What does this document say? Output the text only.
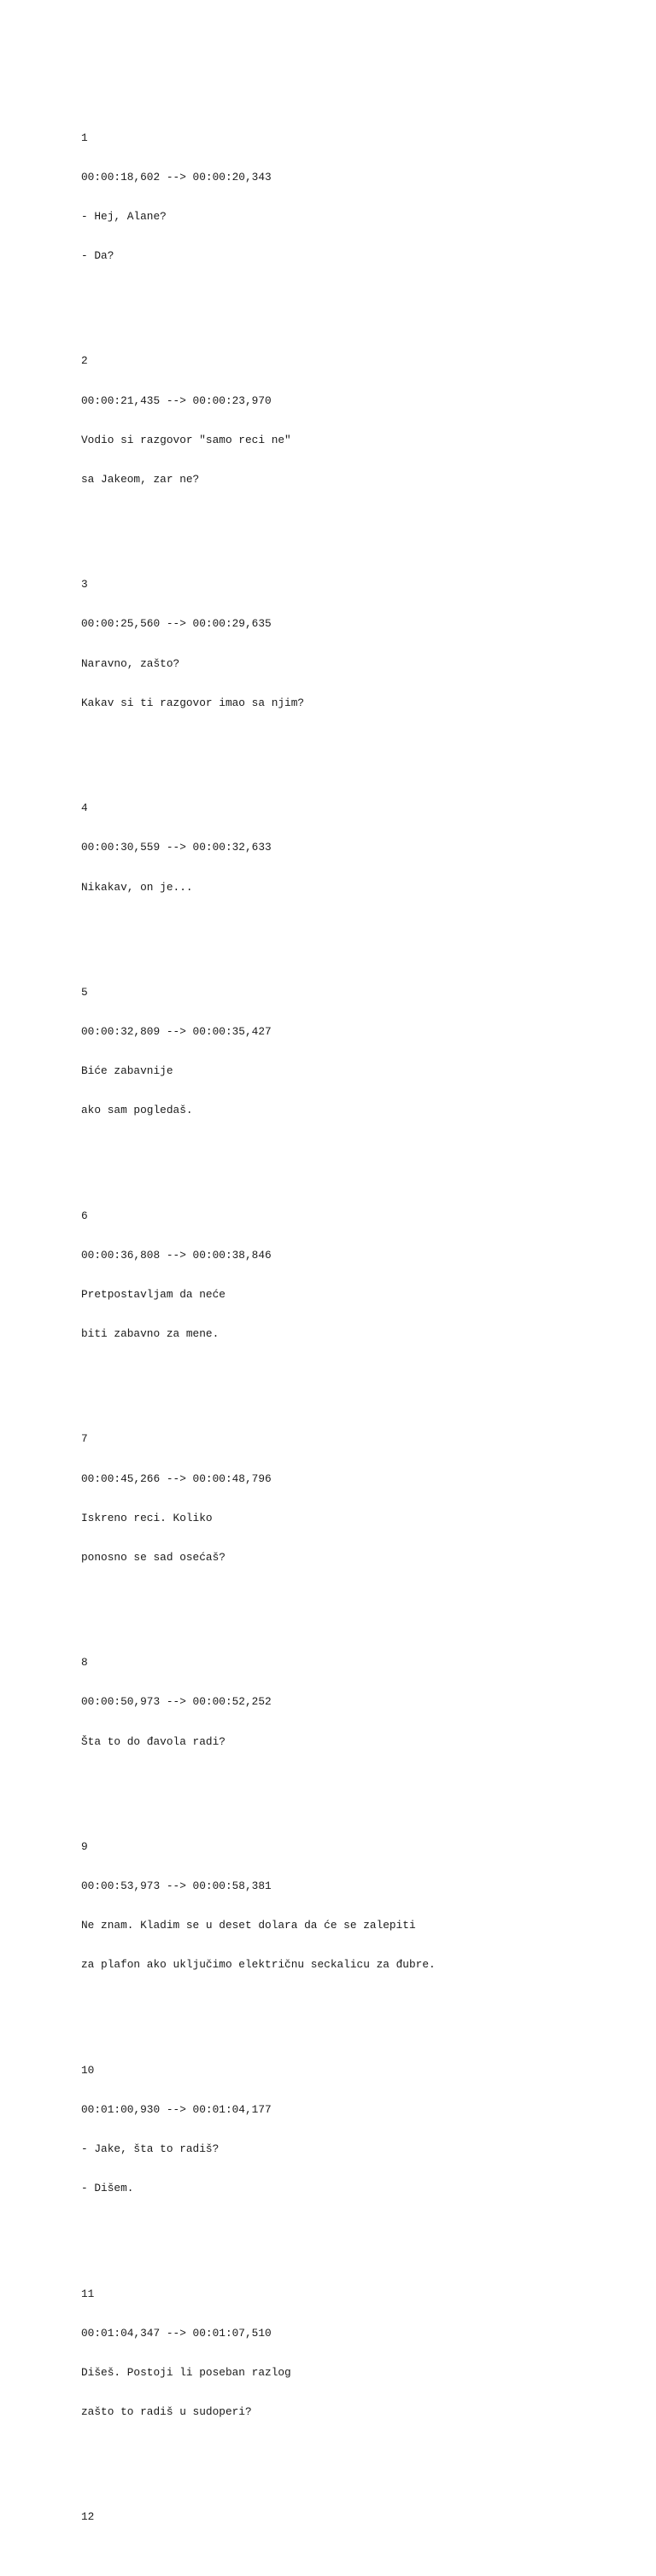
1

00:00:18,602 --> 00:00:20,343

- Hej, Alane?

- Da?

2

00:00:21,435 --> 00:00:23,970

Vodio si razgovor "samo reci ne"

sa Jakeom, zar ne?

3

00:00:25,560 --> 00:00:29,635

Naravno, zašto?

Kakav si ti razgovor imao sa njim?

4

00:00:30,559 --> 00:00:32,633

Nikakav, on je...

5

00:00:32,809 --> 00:00:35,427

Biće zabavnije

ako sam pogledaš.

6

00:00:36,808 --> 00:00:38,846

Pretpostavljam da neće

biti zabavno za mene.

7

00:00:45,266 --> 00:00:48,796

Iskreno reci. Koliko

ponosno se sad osećaš?

8

00:00:50,973 --> 00:00:52,252

Šta to do đavola radi?

9

00:00:53,973 --> 00:00:58,381

Ne znam. Kladim se u deset dolara da će se zalepiti

za plafon ako uključimo električnu seckalicu za đubre.

10

00:01:00,930 --> 00:01:04,177

- Jake, šta to radiš?

- Dišem.

11

00:01:04,347 --> 00:01:07,510

Dišeš. Postoji li poseban razlog

zašto to radiš u sudoperi?

12
